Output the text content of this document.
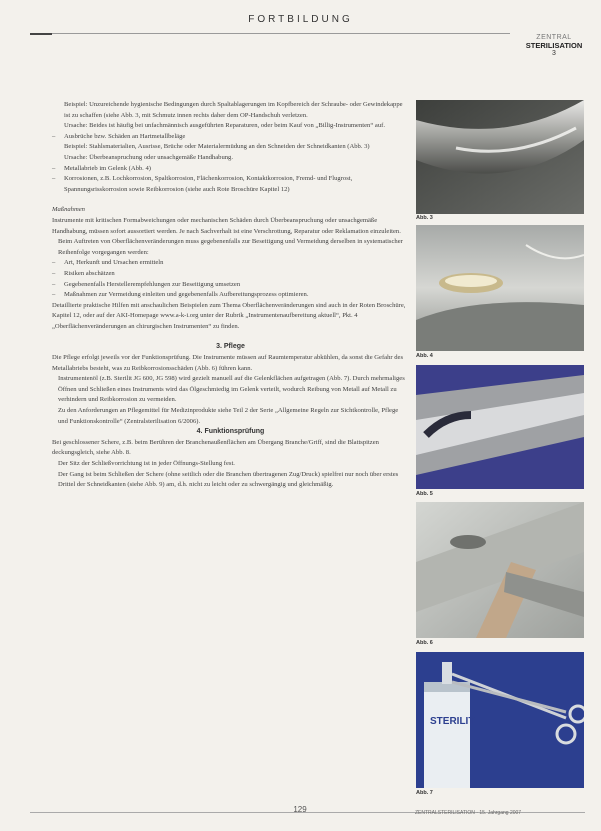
FORTBILDUNG
ZENTRAL
STERILISATION
3

Beispiel: Unzureichende hygienische Bedingungen durch Spaltablagerungen im Kopfbereich der Schraube- oder Gewindekappe ist zu schaffen (siehe Abb. 3, mit Schmutz innen rechts daher dem OP-Handschuh verletzen.

Ursache: Beides ist häufig bei unfachmännisch ausgeführten Reparaturen, oder beim Kauf von „Billig-Instrumenten“ auf.

– Ausbrüche bzw. Schäden an Hartmetallbeläge
Beispiel: Stahlsmaterialien, Ausrisse, Brüche oder Materialermüdung an den Schneiden der Schneidkanten (Abb. 3)
Ursache: Überbeanspruchung oder unsachgemäße Handhabung.
– Metallabrieb im Gelenk (Abb. 4)
– Korrosionen, z.B. Lochkorrosion, Spaltkorrosion, Flächenkorrosion, Kontaktkorrosion, Fremd- und Flugrost, Spannungsrisskorrosion sowie Reibkorrosion (siehe auch Rote Broschüre Kapitel 12)

Maßnahmen

Instrumente mit kritischen Formabweichungen oder mechanischen Schäden durch Überbeanspruchung oder unsachgemäße Handhabung, müssen sofort aussortiert werden. Je nach Sachverhalt ist eine Verschrottung, Reparatur oder Reklamation einzuleiten.

Beim Auftreten von Oberflächenveränderungen muss gegebenenfalls zur Beseitigung und Vermeidung derselben in systematischer Reihenfolge vorgegangen werden:

– Art, Herkunft und Ursachen ermitteln
– Risiken abschätzen
– Gegebenenfalls Herstellerempfehlungen zur Beseitigung umsetzen
– Maßnahmen zur Vermeidung einleiten und gegebenenfalls Aufbereitungsprozess optimieren.

Detaillierte praktische Hilfen mit anschaulichen Beispielen zum Thema Oberflächenveränderungen sind auch in der Roten Broschüre, Kapitel 12, oder auf der AKI-Homepage www.a-k-i.org unter der Rubrik „Instrumentenaufbereitung aktuell“, Pkt. 4 „Oberflächenveränderungen an chirurgischen Instrumenten“ zu finden.

3. Pflege

Die Pflege erfolgt jeweils vor der Funktionsprüfung. Die Instrumente müssen auf Raumtemperatur abkühlen, da sonst die Gefahr des Metallabriebs besteht, was zu Reibkorrosionsschäden (Abb. 6) führen kann.

Instrumentenöl (z.B. Sterilit JG 600, JG 598) wird gezielt manuell auf die Gelenkflächen aufgetragen (Abb. 7). Durch mehrmaliges Öffnen und Schließen eines Instruments wird das Ölgeschmiedig im Gelenk verteilt, wodurch Reibung von Metall auf Metall zu verhindern und Reibkorrosion zu vermeiden.

Zu den Anforderungen an Pflegemittel für Medizinprodukte siehe Teil 2 der Serie „Allgemeine Regeln zur Sichtkontrolle, Pflege und Funktionskontrolle“ (Zentralsterilisation 6/2006).

4. Funktionsprüfung

Bei geschlossener Schere, z.B. beim Berühren der Branchenaußenflächen am Übergang Branche/Griff, sind die Blattspitzen deckungsgleich, siehe Abb. 8.

Der Sitz der Schließvorrichtung ist in jeder Öffnungs-Stellung fest.

Der Gang ist beim Schließen der Schere (ohne seitlich oder die Branchen übertragenen Zug/Druck) spielfrei nur noch über erstes Drittel der Schneidkanten (siehe Abb. 9) am, d.h. nicht zu leicht oder zu schwergängig und gleichmäßig.

Abb. 3
Abb. 4
Abb. 5
Abb. 6
STERILIT
Abb. 7
129	ZENTRALSTERILISATION · 15. Jahrgang 2007
